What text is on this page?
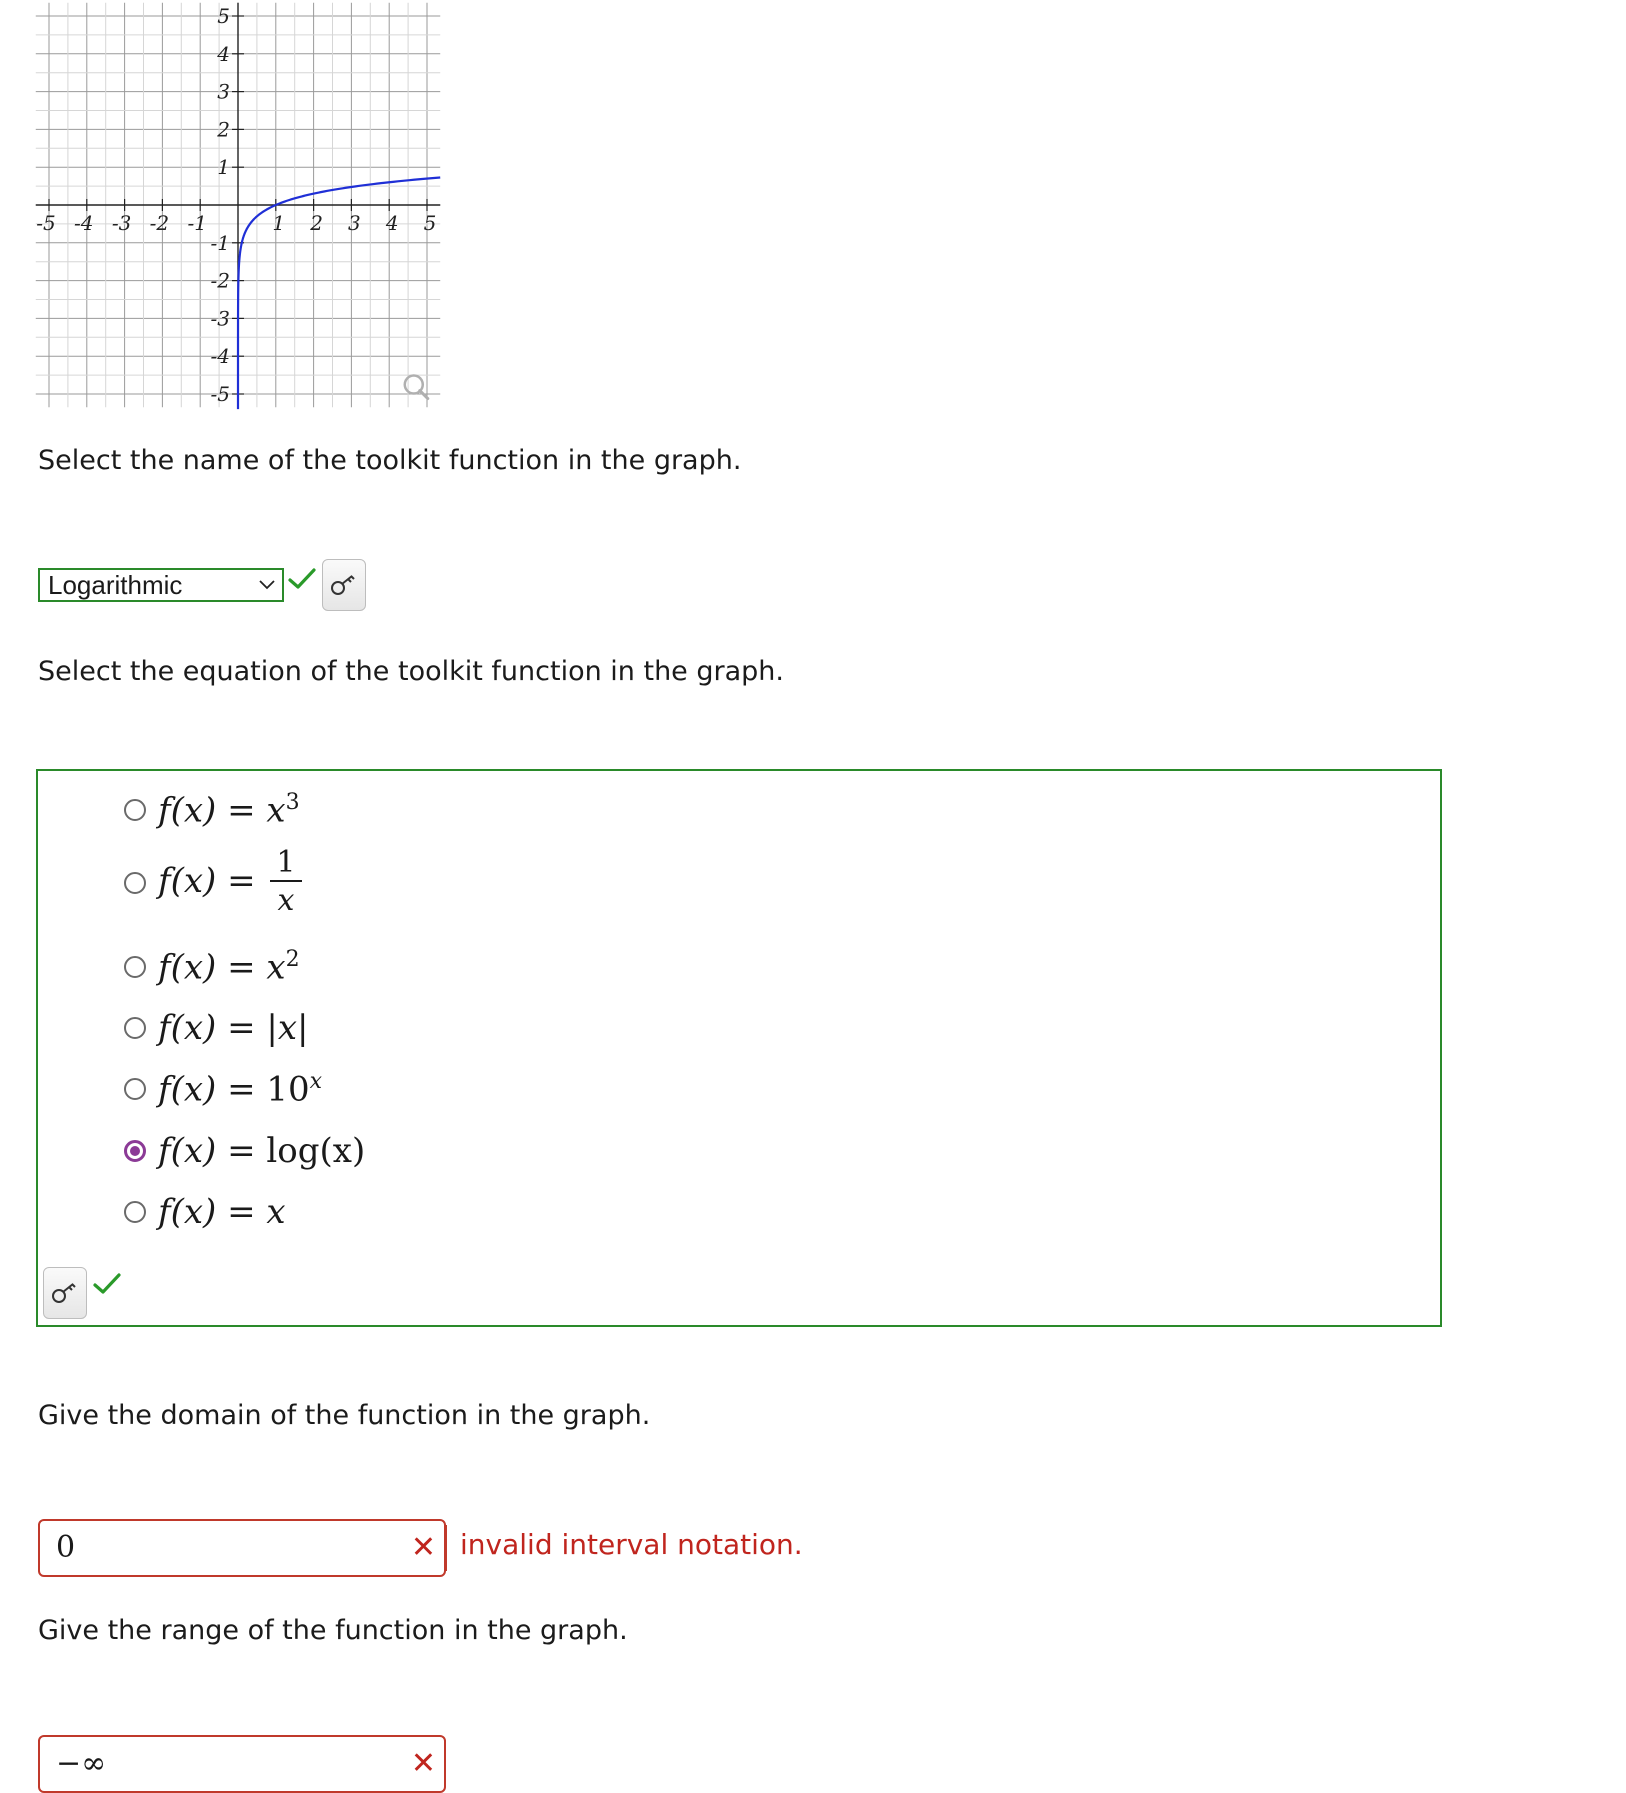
-5 -4 -3 -2 -1	1 2 3 4 5
5
4
3
2
1
-1
-2
-3
-4
-5
Select the name of the toolkit function in the graph.
Logarithmic
Select the equation of the toolkit function in the graph.
$f(x) = x^3$
$f(x) = \frac{1}{x}$
$f(x) = x^2$
f(x) = |x|
$f(x) = 10^x$
f(x) = log(x)
f(x) = x
Give the domain of the function in the graph.
0	✕ invalid interval notation.
Give the range of the function in the graph.
−∞	✕
